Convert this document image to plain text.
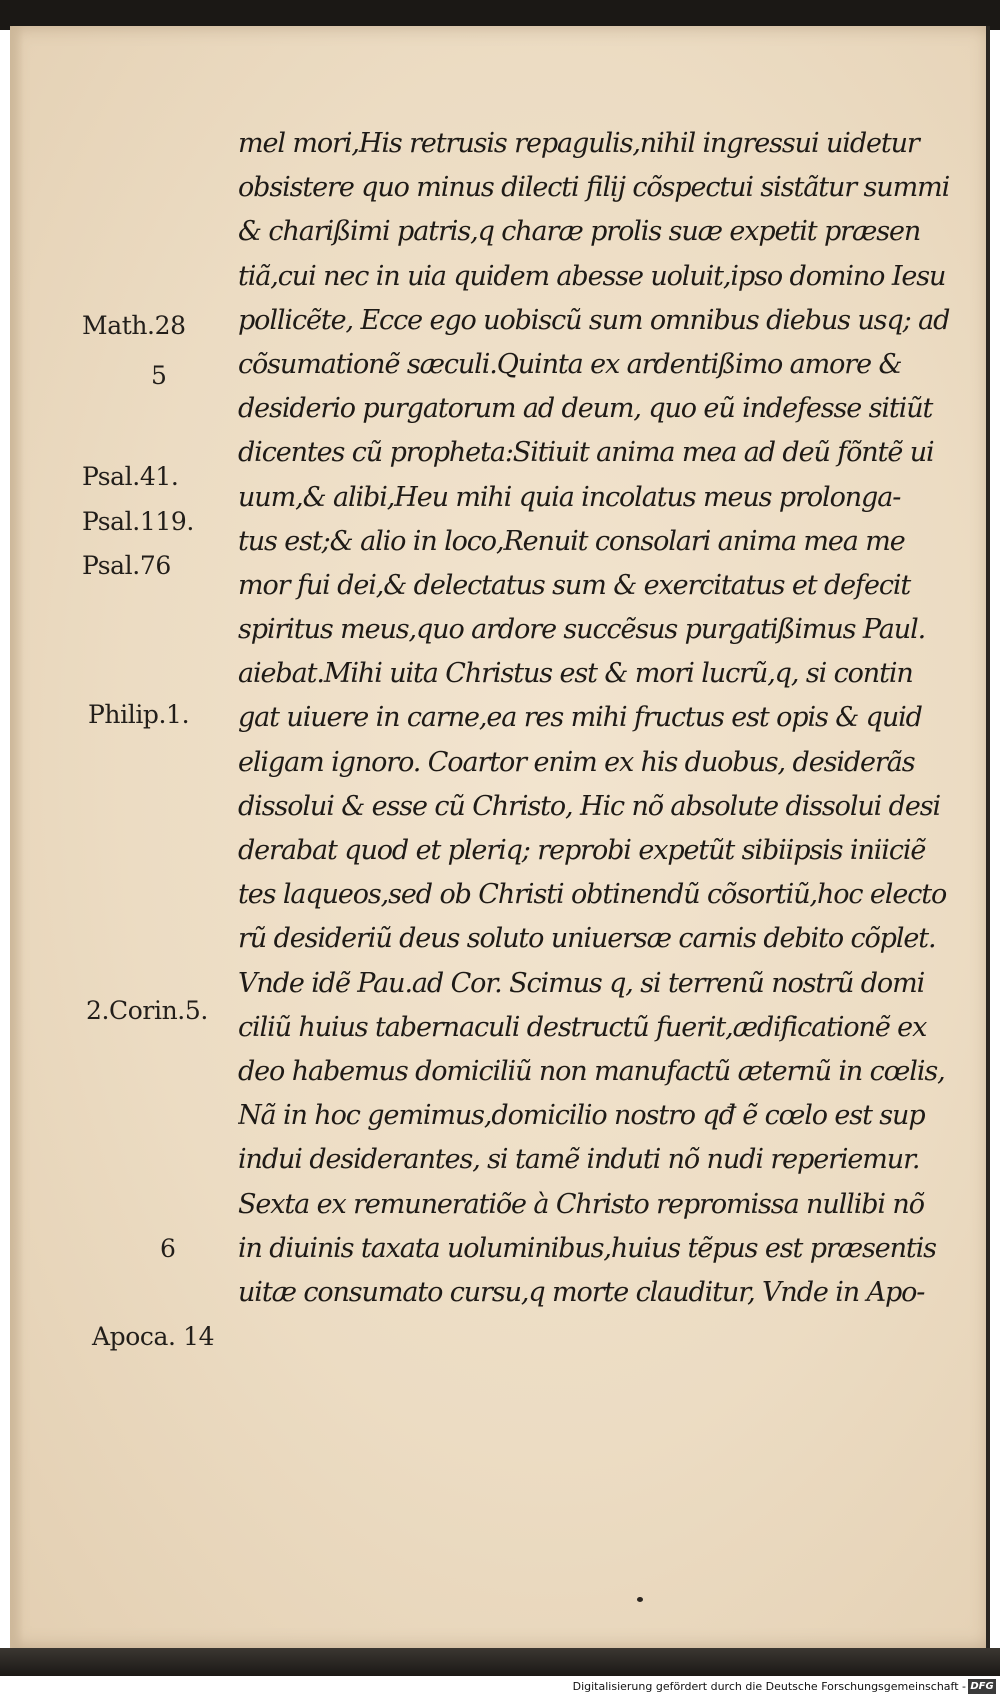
mel mori,His retrusis repagulis,nihil ingressui uidetur
obsistere quo minus dilecti filij cõspectui sistãtur summi
& charißimi patris,q charæ prolis suæ expetit præsen
tiã,cui nec in uia quidem abesse uoluit,ipso domino Iesu
pollicẽte, Ecce ego uobiscũ sum omnibus diebus usq; ad
cõsumationẽ sæculi.Quinta ex ardentißimo amore &
desiderio purgatorum ad deum, quo eũ indefesse sitiũt
dicentes cũ propheta:Sitiuit anima mea ad deũ fõntẽ ui
uum,& alibi,Heu mihi quia incolatus meus prolonga-
tus est;& alio in loco,Renuit consolari anima mea me
mor fui dei,& delectatus sum & exercitatus et defecit
spiritus meus,quo ardore succẽsus purgatißimus Paul.
aiebat.Mihi uita Christus est & mori lucrũ,q, si contin
gat uiuere in carne,ea res mihi fructus est opis & quid
eligam ignoro. Coartor enim ex his duobus, desiderãs
dissolui & esse cũ Christo, Hic nõ absolute dissolui desi
derabat quod et pleriq; reprobi expetũt sibiipsis iniiciẽ
tes laqueos,sed ob Christi obtinendũ cõsortiũ,hoc electo
rũ desideriũ deus soluto uniuersæ carnis debito cõplet.
Vnde idẽ Pau.ad Cor. Scimus q, si terrenũ nostrũ domi
ciliũ huius tabernaculi destructũ fuerit,ædificationẽ ex
deo habemus domiciliũ non manufactũ æternũ in cœlis,
Nã in hoc gemimus,domicilio nostro qđ ẽ cœlo est sup
indui desiderantes, si tamẽ induti nõ nudi reperiemur.
Sexta ex remuneratiõe à Christo repromissa nullibi nõ
in diuinis taxata uoluminibus,huius tẽpus est præsentis
uitæ consumato cursu,q morte clauditur, Vnde in Apo-
Math.28
5
Psal.41.
Psal.119.
Psal.76
Philip.1.
2.Corin.5.
6
Apoca. 14
Digitalisierung gefördert durch die Deutsche Forschungsgemeinschaft - DFG
